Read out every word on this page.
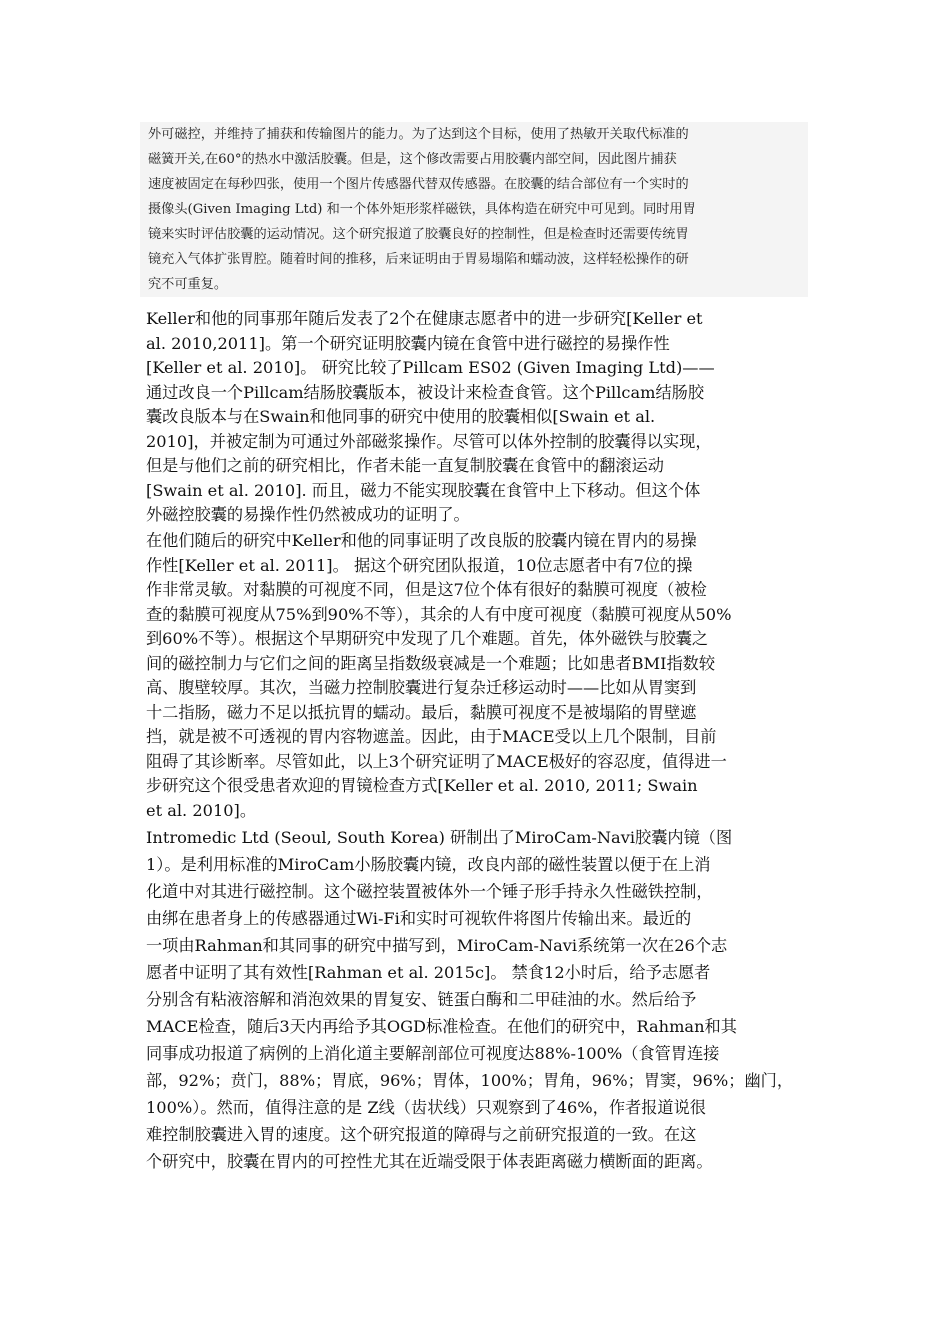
外可磁控，并维持了捕获和传输图片的能力。为了达到这个目标，使用了热敏开关取代标准的
磁簧开关,在60°的热水中激活胶囊。但是，这个修改需要占用胶囊内部空间，因此图片捕获
速度被固定在每秒四张，使用一个图片传感器代替双传感器。在胶囊的结合部位有一个实时的
摄像头(Given Imaging Ltd) 和一个体外矩形浆样磁铁，具体构造在研究中可见到。同时用胃
镜来实时评估胶囊的运动情况。这个研究报道了胶囊良好的控制性，但是检查时还需要传统胃
镜充入气体扩张胃腔。随着时间的推移，后来证明由于胃易塌陷和蠕动波，这样轻松操作的研
究不可重复。
Keller和他的同事那年随后发表了2个在健康志愿者中的进一步研究[Keller et
al. 2010,2011]。第一个研究证明胶囊内镜在食管中进行磁控的易操作性
[Keller et al. 2010]。 研究比较了Pillcam ES02 (Given Imaging Ltd)——
通过改良一个Pillcam结肠胶囊版本，被设计来检查食管。这个Pillcam结肠胶
囊改良版本与在Swain和他同事的研究中使用的胶囊相似[Swain et al.
2010]，并被定制为可通过外部磁浆操作。尽管可以体外控制的胶囊得以实现，
但是与他们之前的研究相比，作者未能一直复制胶囊在食管中的翻滚运动
[Swain et al. 2010]. 而且，磁力不能实现胶囊在食管中上下移动。但这个体
外磁控胶囊的易操作性仍然被成功的证明了。
在他们随后的研究中Keller和他的同事证明了改良版的胶囊内镜在胃内的易操
作性[Keller et al. 2011]。 据这个研究团队报道，10位志愿者中有7位的操
作非常灵敏。对黏膜的可视度不同，但是这7位个体有很好的黏膜可视度（被检
查的黏膜可视度从75%到90%不等），其余的人有中度可视度（黏膜可视度从50%
到60%不等）。根据这个早期研究中发现了几个难题。首先，体外磁铁与胶囊之
间的磁控制力与它们之间的距离呈指数级衰减是一个难题；比如患者BMI指数较
高、腹壁较厚。其次，当磁力控制胶囊进行复杂迁移运动时——比如从胃窦到
十二指肠，磁力不足以抵抗胃的蠕动。最后，黏膜可视度不是被塌陷的胃壁遮
挡，就是被不可透视的胃内容物遮盖。因此，由于MACE受以上几个限制，目前
阻碍了其诊断率。尽管如此，以上3个研究证明了MACE极好的容忍度，值得进一
步研究这个很受患者欢迎的胃镜检查方式[Keller et al. 2010, 2011; Swain
et al. 2010]。
Intromedic Ltd (Seoul, South Korea) 研制出了MiroCam-Navi胶囊内镜（图
1）。是利用标准的MiroCam小肠胶囊内镜，改良内部的磁性装置以便于在上消
化道中对其进行磁控制。这个磁控装置被体外一个锤子形手持永久性磁铁控制，
由绑在患者身上的传感器通过Wi-Fi和实时可视软件将图片传输出来。最近的
一项由Rahman和其同事的研究中描写到，MiroCam-Navi系统第一次在26个志
愿者中证明了其有效性[Rahman et al. 2015c]。 禁食12小时后，给予志愿者
分别含有粘液溶解和消泡效果的胃复安、链蛋白酶和二甲硅油的水。然后给予
MACE检查，随后3天内再给予其OGD标准检查。在他们的研究中，Rahman和其
同事成功报道了病例的上消化道主要解剖部位可视度达88%-100%（食管胃连接
部，92%；贲门，88%；胃底，96%；胃体，100%；胃角，96%；胃窦，96%；幽门，
100%）。然而，值得注意的是 Z线（齿状线）只观察到了46%，作者报道说很
难控制胶囊进入胃的速度。这个研究报道的障碍与之前研究报道的一致。在这
个研究中，胶囊在胃内的可控性尤其在近端受限于体表距离磁力横断面的距离。
